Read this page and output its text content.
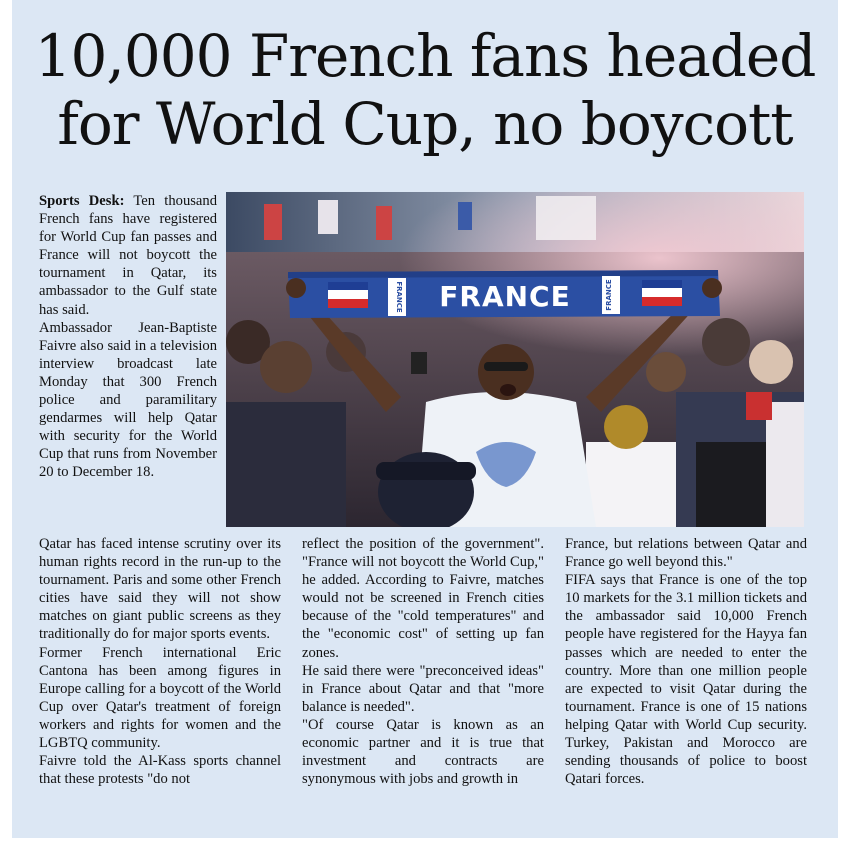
10,000 French fans headed
for World Cup, no boycott

Sports Desk: Ten thousand French fans have registered for World Cup fan passes and France will not boycott the tournament in Qatar, its ambassador to the Gulf state has said.

Ambassador Jean-Baptiste Faivre also said in a television interview broadcast late Monday that 300 French police and paramilitary gendarmes will help Qatar with security for the World Cup that runs from November 20 to December 18.

FRANCE	FRANCE
FRANCE

Qatar has faced intense scrutiny over its human rights record in the run-up to the tournament. Paris and some other French cities have said they will not show matches on giant public screens as they traditionally do for major sports events.

Former French international Eric Cantona has been among figures in Europe calling for a boycott of the World Cup over Qatar's treatment of foreign workers and rights for women and the LGBTQ community.

Faivre told the Al-Kass sports channel that these protests "do not

reflect the position of the government". "France will not boycott the World Cup," he added. According to Faivre, matches would not be screened in French cities because of the "cold temperatures" and the "economic cost" of setting up fan zones.

He said there were "preconceived ideas" in France about Qatar and that "more balance is needed".

"Of course Qatar is known as an economic partner and it is true that investment and contracts are synonymous with jobs and growth in

France, but relations between Qatar and France go well beyond this."

FIFA says that France is one of the top 10 markets for the 3.1 million tickets and the ambassador said 10,000 French people have registered for the Hayya fan passes which are needed to enter the country. More than one million people are expected to visit Qatar during the tournament. France is one of 15 nations helping Qatar with World Cup security. Turkey, Pakistan and Morocco are sending thousands of police to boost Qatari forces.
